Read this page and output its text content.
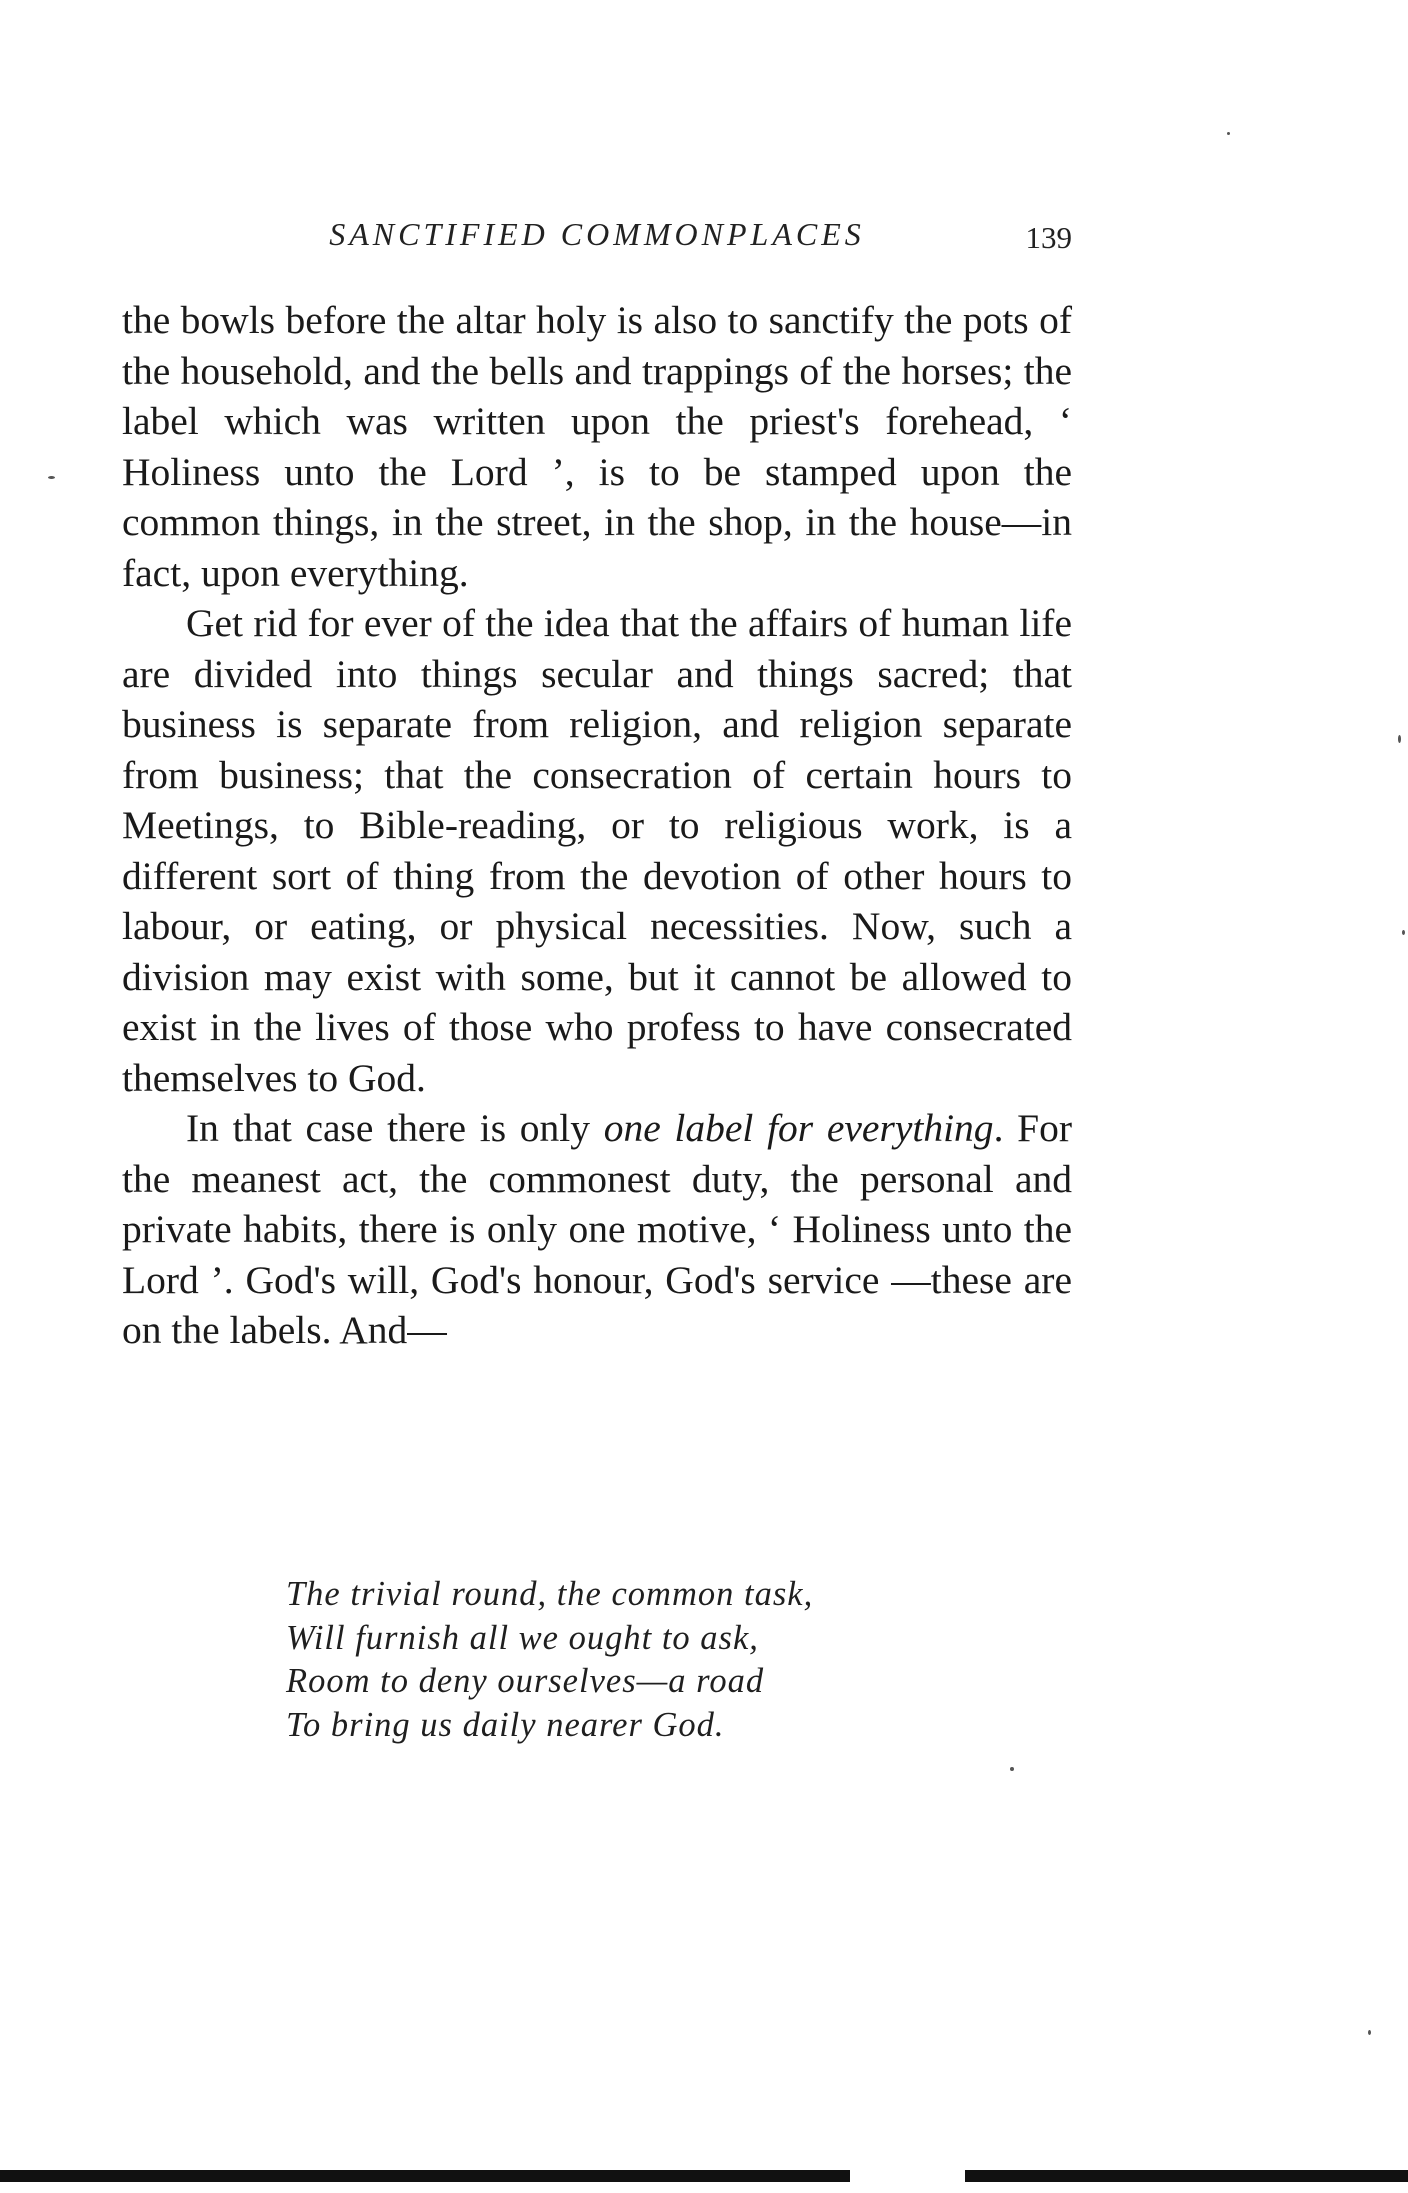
SANCTIFIED COMMONPLACES	139

the bowls before the altar holy is also to sanctify the pots of the household, and the bells and trappings of the horses; the label which was written upon the priest's forehead, ‘ Holiness unto the Lord ’, is to be stamped upon the common things, in the street, in the shop, in the house—in fact, upon everything.

Get rid for ever of the idea that the affairs of human life are divided into things secular and things sacred; that business is separate from religion, and religion separate from business; that the consecration of certain hours to Meetings, to Bible-reading, or to religious work, is a different sort of thing from the devotion of other hours to labour, or eating, or physical necessities. Now, such a division may exist with some, but it cannot be allowed to exist in the lives of those who profess to have consecrated themselves to God.

In that case there is only one label for everything. For the meanest act, the commonest duty, the personal and private habits, there is only one motive, ‘ Holiness unto the Lord ’. God's will, God's honour, God's service —these are on the labels. And—

The trivial round, the common task,
Will furnish all we ought to ask,
Room to deny ourselves—a road
To bring us daily nearer God.
